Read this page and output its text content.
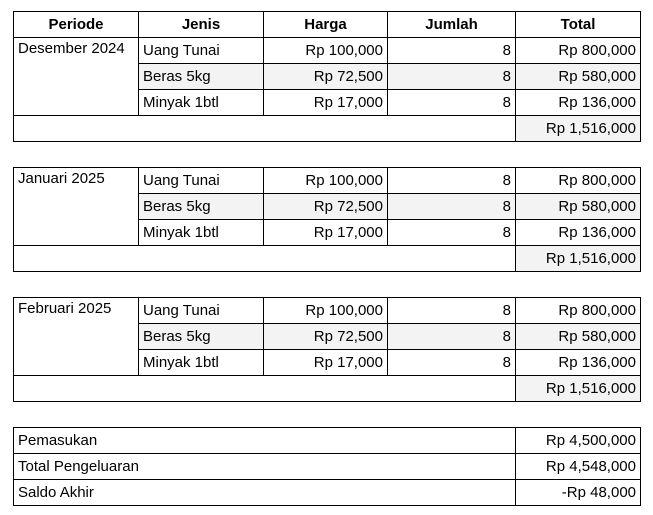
Periode	Jenis	Harga	Jumlah	Total
Desember 2024	Uang Tunai	Rp 100,000	8	Rp 800,000
	Beras 5kg	Rp 72,500	8	Rp 580,000
	Minyak 1btl	Rp 17,000	8	Rp 136,000
				Rp 1,516,000
Januari 2025	Uang Tunai	Rp 100,000	8	Rp 800,000
	Beras 5kg	Rp 72,500	8	Rp 580,000
	Minyak 1btl	Rp 17,000	8	Rp 136,000
				Rp 1,516,000
Februari 2025	Uang Tunai	Rp 100,000	8	Rp 800,000
	Beras 5kg	Rp 72,500	8	Rp 580,000
	Minyak 1btl	Rp 17,000	8	Rp 136,000
				Rp 1,516,000
Pemasukan	Rp 4,500,000
Total Pengeluaran	Rp 4,548,000
Saldo Akhir	-Rp 48,000
